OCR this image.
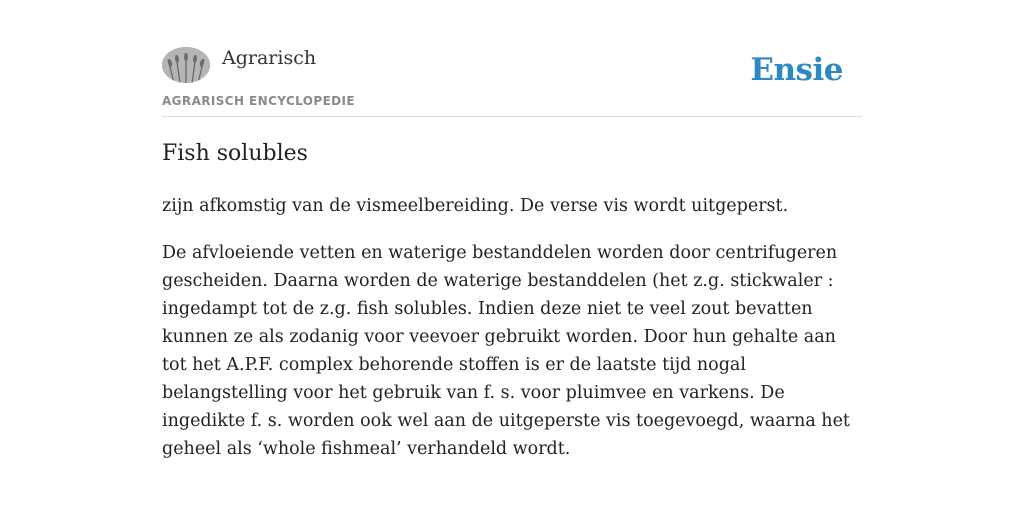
Agrarisch
AGRARISCH ENCYCLOPEDIE
Ensie
Fish solubles

zijn afkomstig van de vismeelbereiding. De verse vis wordt uitgeperst.

De afvloeiende vetten en waterige bestanddelen worden door centrifugeren gescheiden. Daarna worden de waterige bestanddelen (het z.g. stickwaler : ingedampt tot de z.g. fish solubles. Indien deze niet te veel zout bevatten kunnen ze als zodanig voor veevoer gebruikt worden. Door hun gehalte aan tot het A.P.F. complex behorende stoffen is er de laatste tijd nogal belangstelling voor het gebruik van f. s. voor pluimvee en varkens. De ingedikte f. s. worden ook wel aan de uitgeperste vis toegevoegd, waarna het geheel als ‘whole fishmeal’ verhandeld wordt.
